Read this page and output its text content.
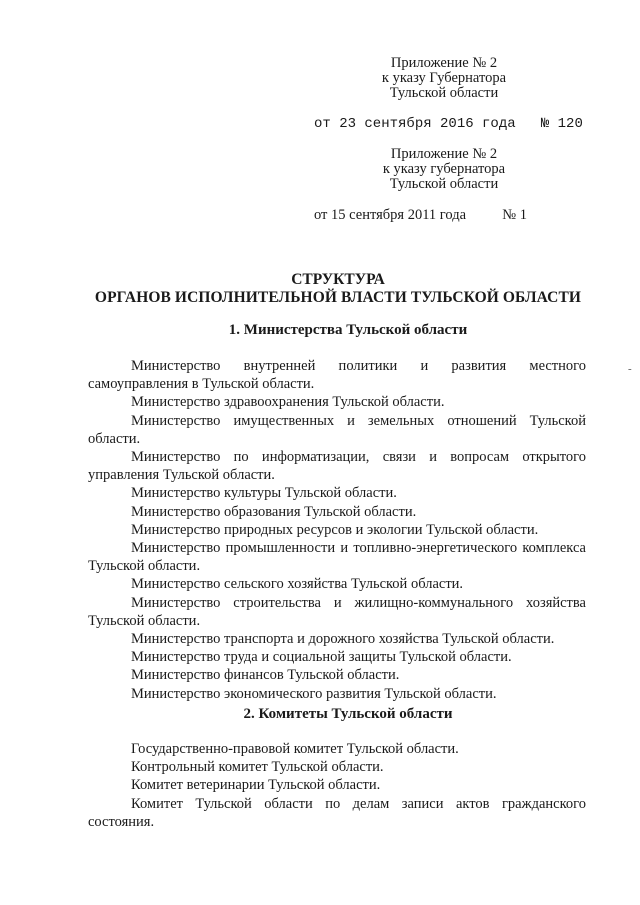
Приложение № 2
к указу Губернатора
Тульской области
от 23 сентября 2016 года   № 120
Приложение № 2
к указу губернатора
Тульской области
от 15 сентября 2011 года          № 1
СТРУКТУРА
ОРГАНОВ ИСПОЛНИТЕЛЬНОЙ ВЛАСТИ ТУЛЬСКОЙ ОБЛАСТИ
1. Министерства Тульской области
Министерство внутренней политики и развития местного самоуправления в Тульской области.
Министерство здравоохранения Тульской области.
Министерство имущественных и земельных отношений Тульской области.
Министерство по информатизации, связи и вопросам открытого управления Тульской области.
Министерство культуры Тульской области.
Министерство образования Тульской области.
Министерство природных ресурсов и экологии Тульской области.
Министерство промышленности и топливно-энергетического комплекса Тульской области.
Министерство сельского хозяйства Тульской области.
Министерство строительства и жилищно-коммунального хозяйства Тульской области.
Министерство транспорта и дорожного хозяйства Тульской области.
Министерство труда и социальной защиты Тульской области.
Министерство финансов Тульской области.
Министерство экономического развития Тульской области.
2. Комитеты Тульской области
Государственно-правовой комитет Тульской области.
Контрольный комитет Тульской области.
Комитет ветеринарии Тульской области.
Комитет Тульской области по делам записи актов гражданского состояния.
-
